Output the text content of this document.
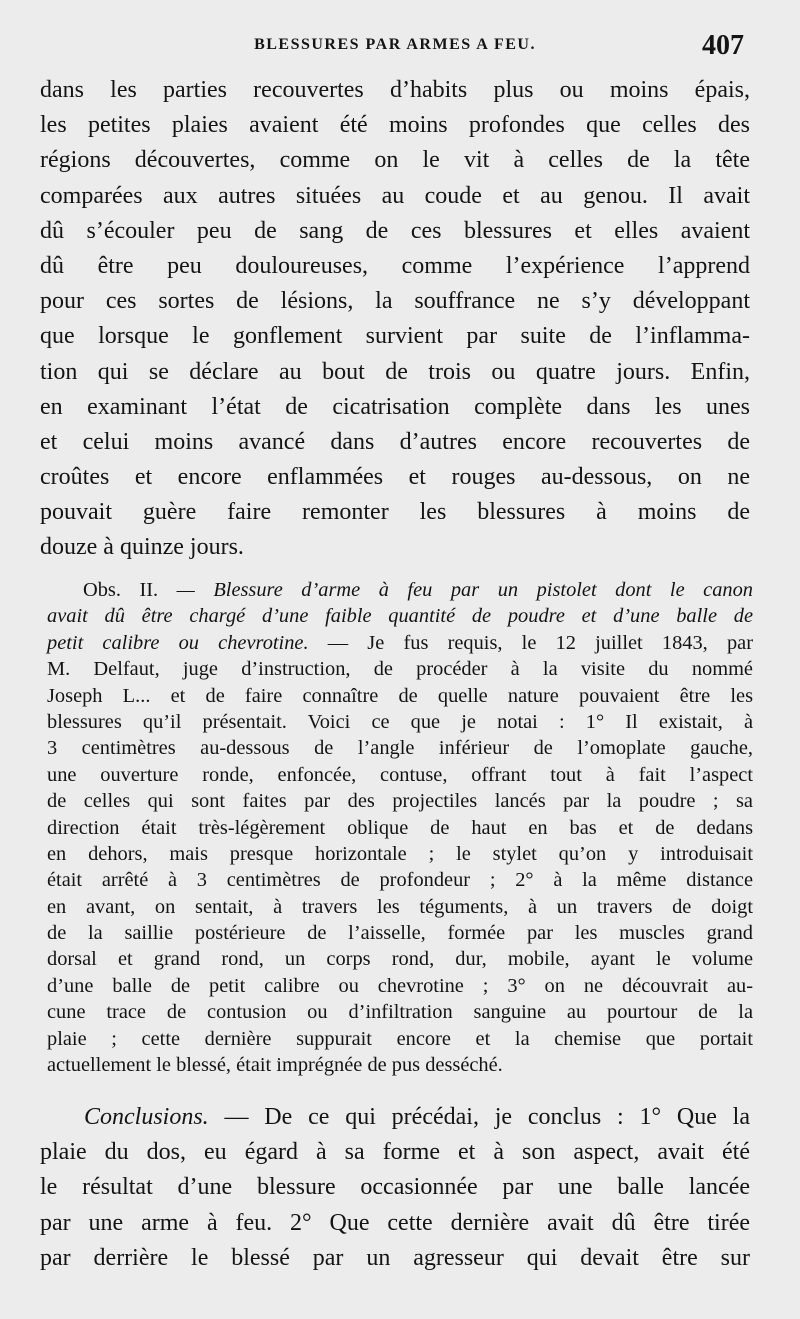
BLESSURES PAR ARMES A FEU.	407
dans les parties recouvertes d’habits plus ou moins épais,
les petites plaies avaient été moins profondes que celles des
régions découvertes, comme on le vit à celles de la tête
comparées aux autres situées au coude et au genou. Il avait
dû s’écouler peu de sang de ces blessures et elles avaient
dû être peu douloureuses, comme l’expérience l’apprend
pour ces sortes de lésions, la souffrance ne s’y développant
que lorsque le gonflement survient par suite de l’inflamma-
tion qui se déclare au bout de trois ou quatre jours. Enfin,
en examinant l’état de cicatrisation complète dans les unes
et celui moins avancé dans d’autres encore recouvertes de
croûtes et encore enflammées et rouges au-dessous, on ne
pouvait guère faire remonter les blessures à moins de
douze à quinze jours.
Obs. II. — Blessure d’arme à feu par un pistolet dont le canon
avait dû être chargé d’une faible quantité de poudre et d’une balle de
petit calibre ou chevrotine. — Je fus requis, le 12 juillet 1843, par
M. Delfaut, juge d’instruction, de procéder à la visite du nommé
Joseph L... et de faire connaître de quelle nature pouvaient être les
blessures qu’il présentait. Voici ce que je notai : 1° Il existait, à
3 centimètres au-dessous de l’angle inférieur de l’omoplate gauche,
une ouverture ronde, enfoncée, contuse, offrant tout à fait l’aspect
de celles qui sont faites par des projectiles lancés par la poudre ; sa
direction était très-légèrement oblique de haut en bas et de dedans
en dehors, mais presque horizontale ; le stylet qu’on y introduisait
était arrêté à 3 centimètres de profondeur ; 2° à la même distance
en avant, on sentait, à travers les téguments, à un travers de doigt
de la saillie postérieure de l’aisselle, formée par les muscles grand
dorsal et grand rond, un corps rond, dur, mobile, ayant le volume
d’une balle de petit calibre ou chevrotine ; 3° on ne découvrait au-
cune trace de contusion ou d’infiltration sanguine au pourtour de la
plaie ; cette dernière suppurait encore et la chemise que portait
actuellement le blessé, était imprégnée de pus desséché.
Conclusions. — De ce qui précédai, je conclus : 1° Que la
plaie du dos, eu égard à sa forme et à son aspect, avait été
le résultat d’une blessure occasionnée par une balle lancée
par une arme à feu. 2° Que cette dernière avait dû être tirée
par derrière le blessé par un agresseur qui devait être sur
